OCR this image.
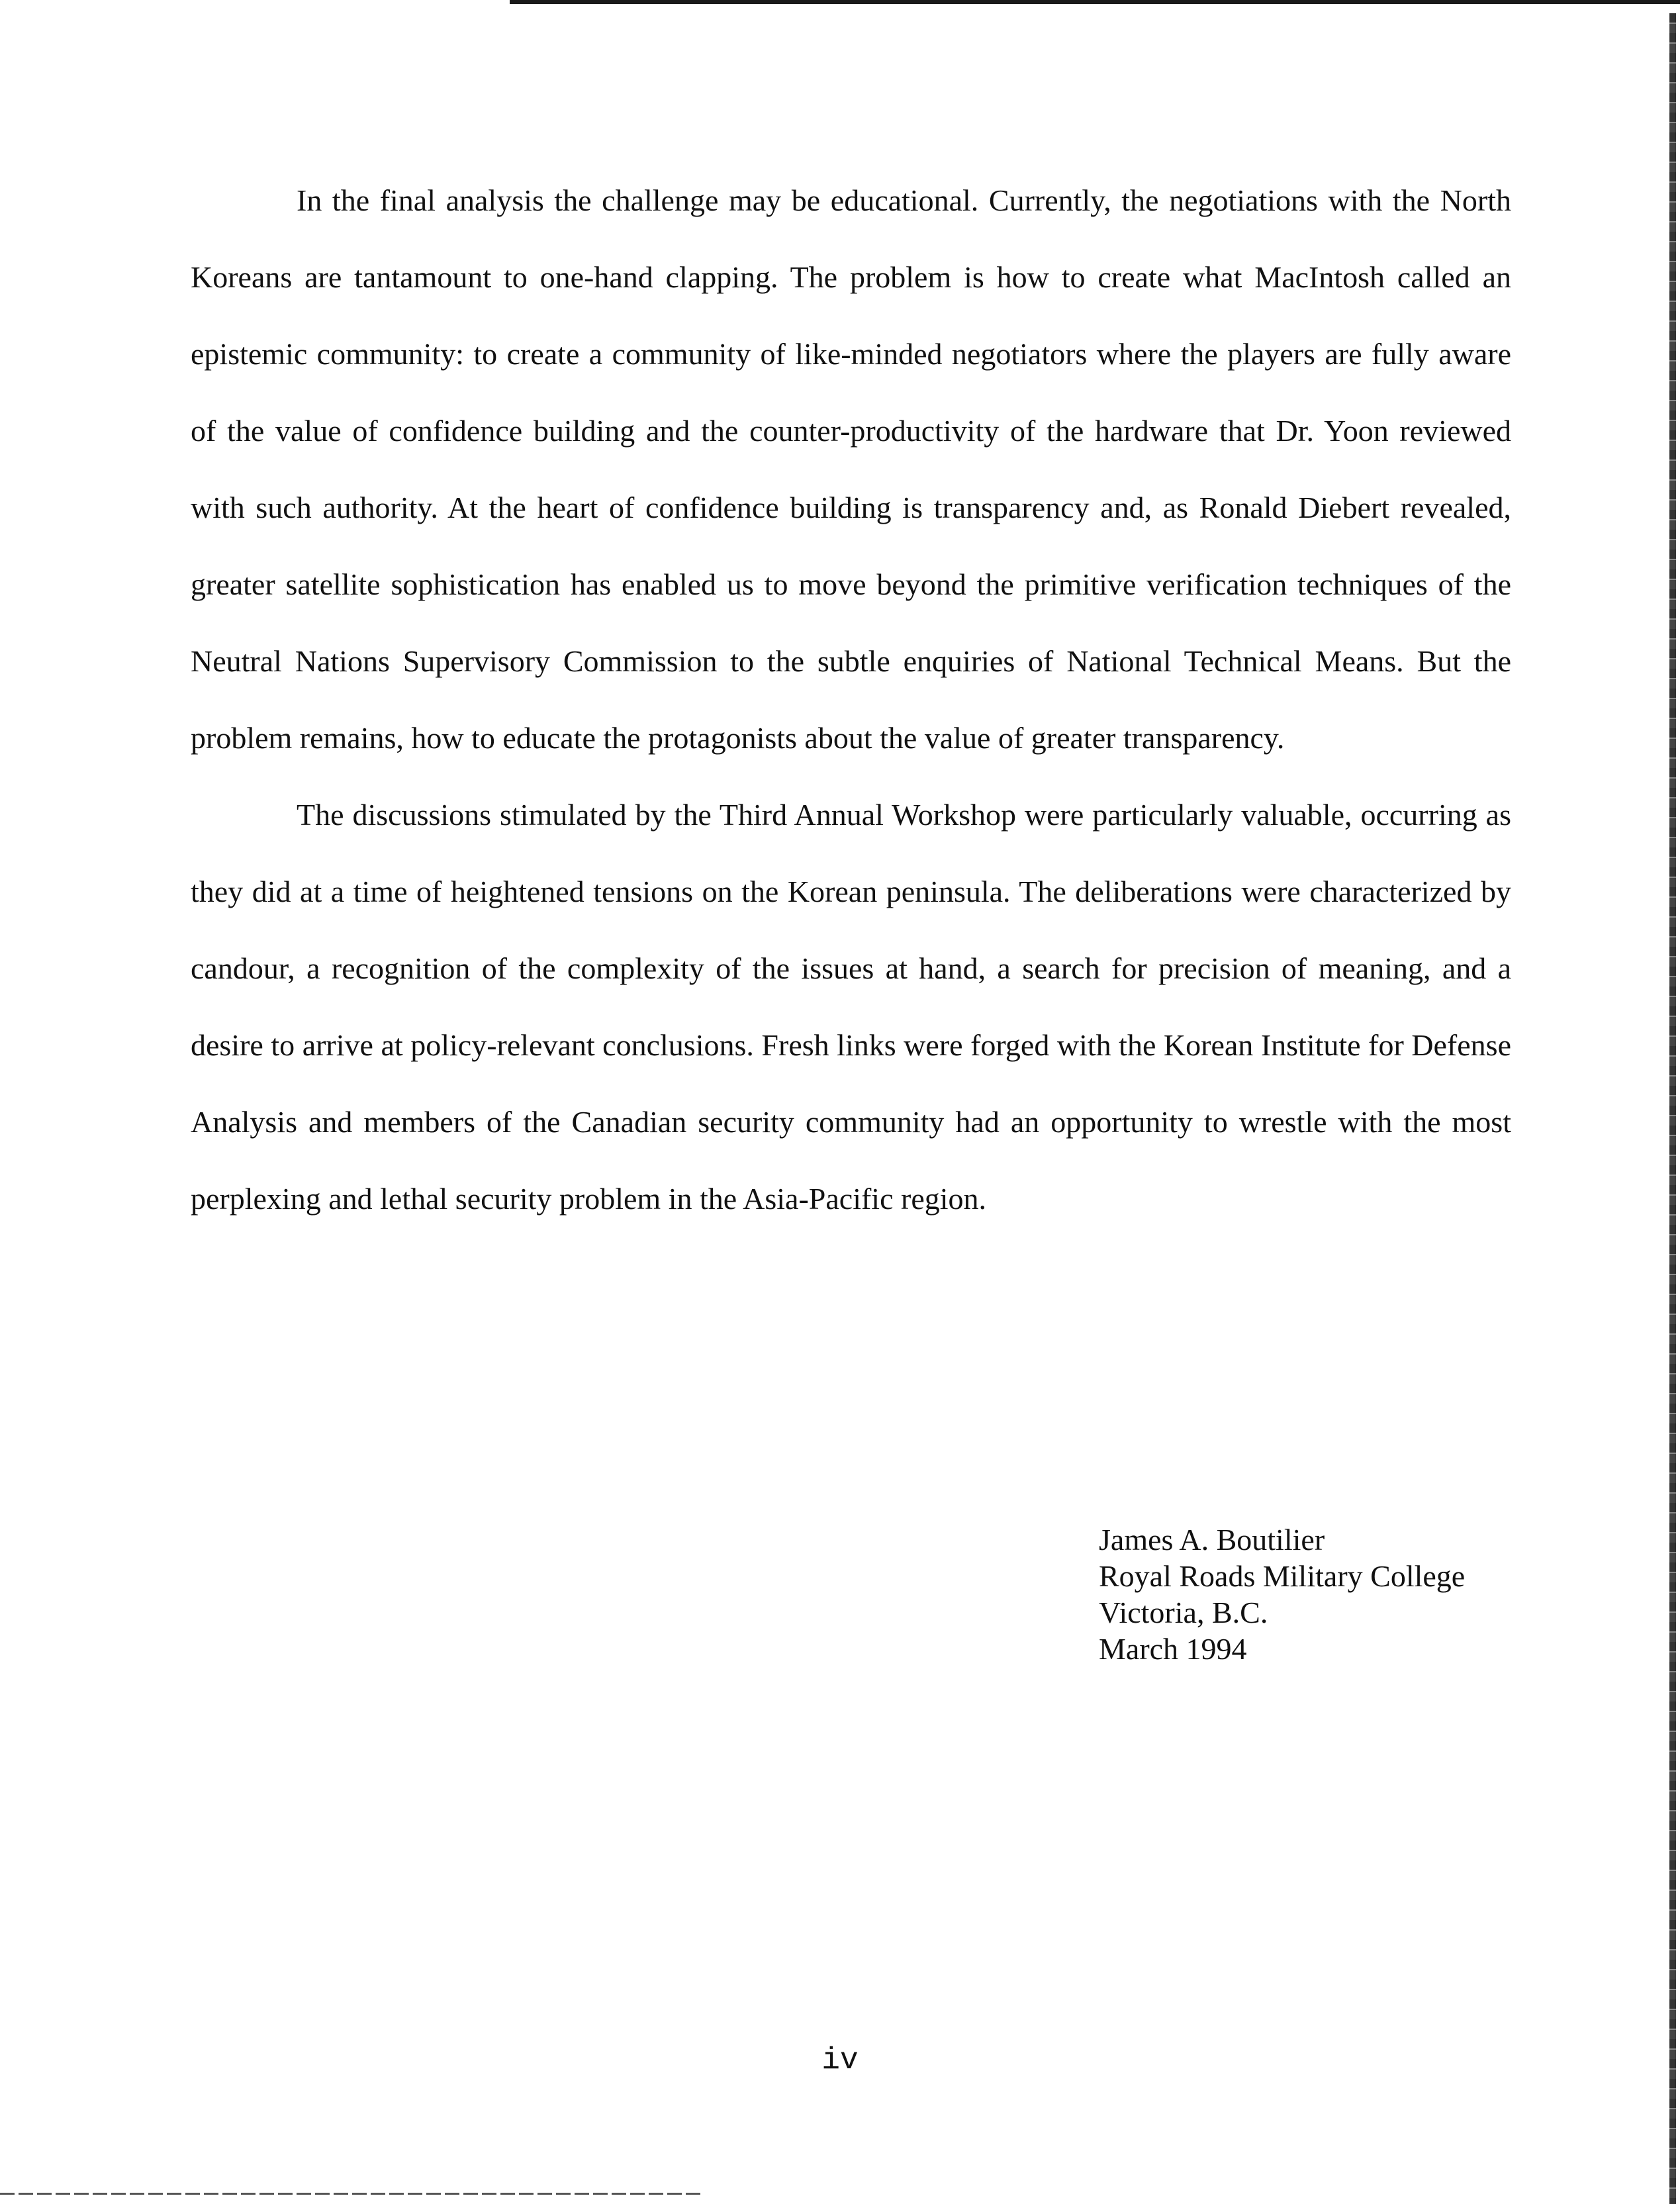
In the final analysis the challenge may be educational. Currently, the negotiations with the North Koreans are tantamount to one-hand clapping. The problem is how to create what MacIntosh called an epistemic community: to create a community of like-minded negotiators where the players are fully aware of the value of confidence building and the counter-productivity of the hardware that Dr. Yoon reviewed with such authority. At the heart of confidence building is transparency and, as Ronald Diebert revealed, greater satellite sophistication has enabled us to move beyond the primitive verification techniques of the Neutral Nations Supervisory Commission to the subtle enquiries of National Technical Means. But the problem remains, how to educate the protagonists about the value of greater transparency.

The discussions stimulated by the Third Annual Workshop were particularly valuable, occurring as they did at a time of heightened tensions on the Korean peninsula. The deliberations were characterized by candour, a recognition of the complexity of the issues at hand, a search for precision of meaning, and a desire to arrive at policy-relevant conclusions. Fresh links were forged with the Korean Institute for Defense Analysis and members of the Canadian security community had an opportunity to wrestle with the most perplexing and lethal security problem in the Asia-Pacific region.

James A. Boutilier
Royal Roads Military College
Victoria, B.C.
March 1994
iv
